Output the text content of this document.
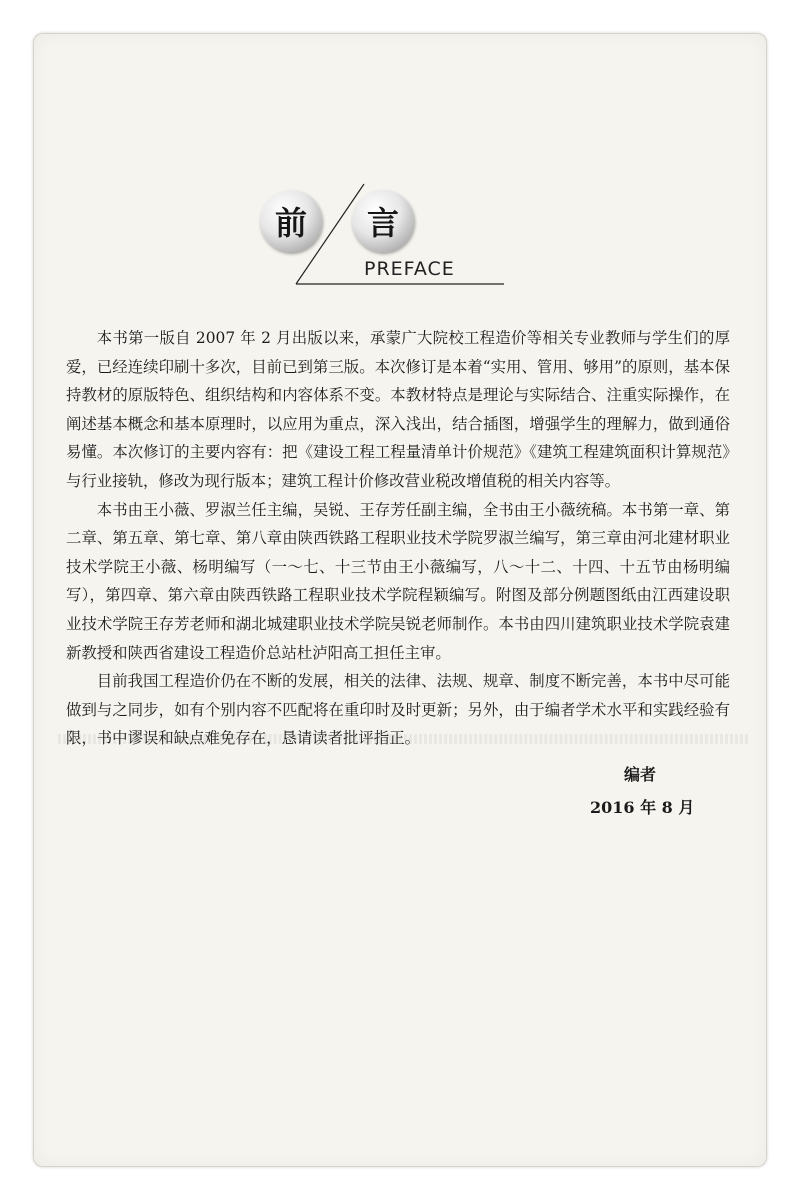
前	言
PREFACE

本书第一版自 2007 年 2 月出版以来，承蒙广大院校工程造价等相关专业教师与学生们的厚爱，已经连续印刷十多次，目前已到第三版。本次修订是本着“实用、管用、够用”的原则，基本保持教材的原版特色、组织结构和内容体系不变。本教材特点是理论与实际结合、注重实际操作，在阐述基本概念和基本原理时，以应用为重点，深入浅出，结合插图，增强学生的理解力，做到通俗易懂。本次修订的主要内容有：把《建设工程工程量清单计价规范》《建筑工程建筑面积计算规范》与行业接轨，修改为现行版本；建筑工程计价修改营业税改增值税的相关内容等。

本书由王小薇、罗淑兰任主编，吴锐、王存芳任副主编，全书由王小薇统稿。本书第一章、第二章、第五章、第七章、第八章由陕西铁路工程职业技术学院罗淑兰编写，第三章由河北建材职业技术学院王小薇、杨明编写（一～七、十三节由王小薇编写，八～十二、十四、十五节由杨明编写），第四章、第六章由陕西铁路工程职业技术学院程颖编写。附图及部分例题图纸由江西建设职业技术学院王存芳老师和湖北城建职业技术学院吴锐老师制作。本书由四川建筑职业技术学院袁建新教授和陕西省建设工程造价总站杜泸阳高工担任主审。

目前我国工程造价仍在不断的发展，相关的法律、法规、规章、制度不断完善，本书中尽可能做到与之同步，如有个别内容不匹配将在重印时及时更新；另外，由于编者学术水平和实践经验有限，书中谬误和缺点难免存在，恳请读者批评指正。

编者
2016 年 8 月
